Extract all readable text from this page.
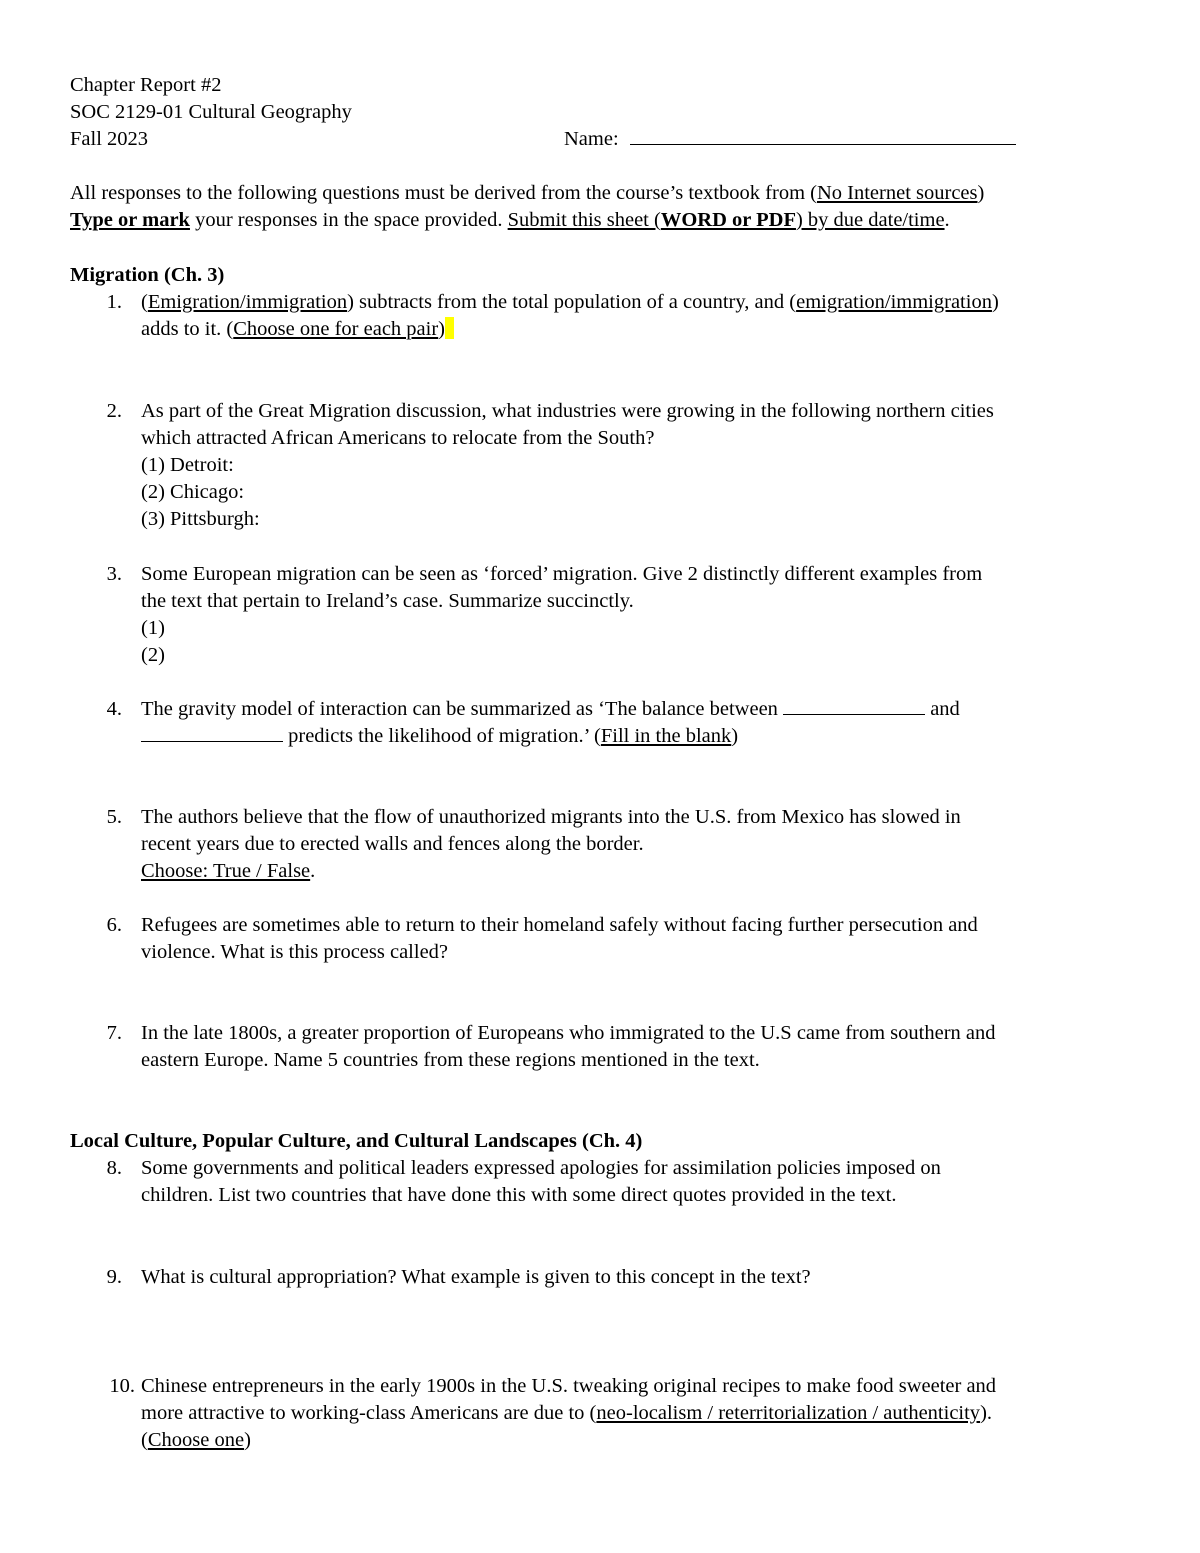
Chapter Report #2
SOC 2129-01 Cultural Geography
Fall 2023	Name:
All responses to the following questions must be derived from the course’s textbook from (No Internet sources)
Type or mark your responses in the space provided. Submit this sheet (WORD or PDF) by due date/time.
Migration (Ch. 3)
1. (Emigration/immigration) subtracts from the total population of a country, and (emigration/immigration)
adds to it. (Choose one for each pair)
2. As part of the Great Migration discussion, what industries were growing in the following northern cities
which attracted African Americans to relocate from the South?
(1) Detroit:
(2) Chicago:
(3) Pittsburgh:
3. Some European migration can be seen as ‘forced’ migration. Give 2 distinctly different examples from
the text that pertain to Ireland’s case. Summarize succinctly.
(1)
(2)
4. The gravity model of interaction can be summarized as ‘The balance between	and
predicts the likelihood of migration.’ (Fill in the blank)
5. The authors believe that the flow of unauthorized migrants into the U.S. from Mexico has slowed in
recent years due to erected walls and fences along the border.
Choose: True / False.
6. Refugees are sometimes able to return to their homeland safely without facing further persecution and
violence. What is this process called?
7. In the late 1800s, a greater proportion of Europeans who immigrated to the U.S came from southern and
eastern Europe. Name 5 countries from these regions mentioned in the text.
Local Culture, Popular Culture, and Cultural Landscapes (Ch. 4)
8. Some governments and political leaders expressed apologies for assimilation policies imposed on
children. List two countries that have done this with some direct quotes provided in the text.
9. What is cultural appropriation? What example is given to this concept in the text?
10. Chinese entrepreneurs in the early 1900s in the U.S. tweaking original recipes to make food sweeter and
more attractive to working-class Americans are due to (neo-localism / reterritorialization / authenticity).
(Choose one)
